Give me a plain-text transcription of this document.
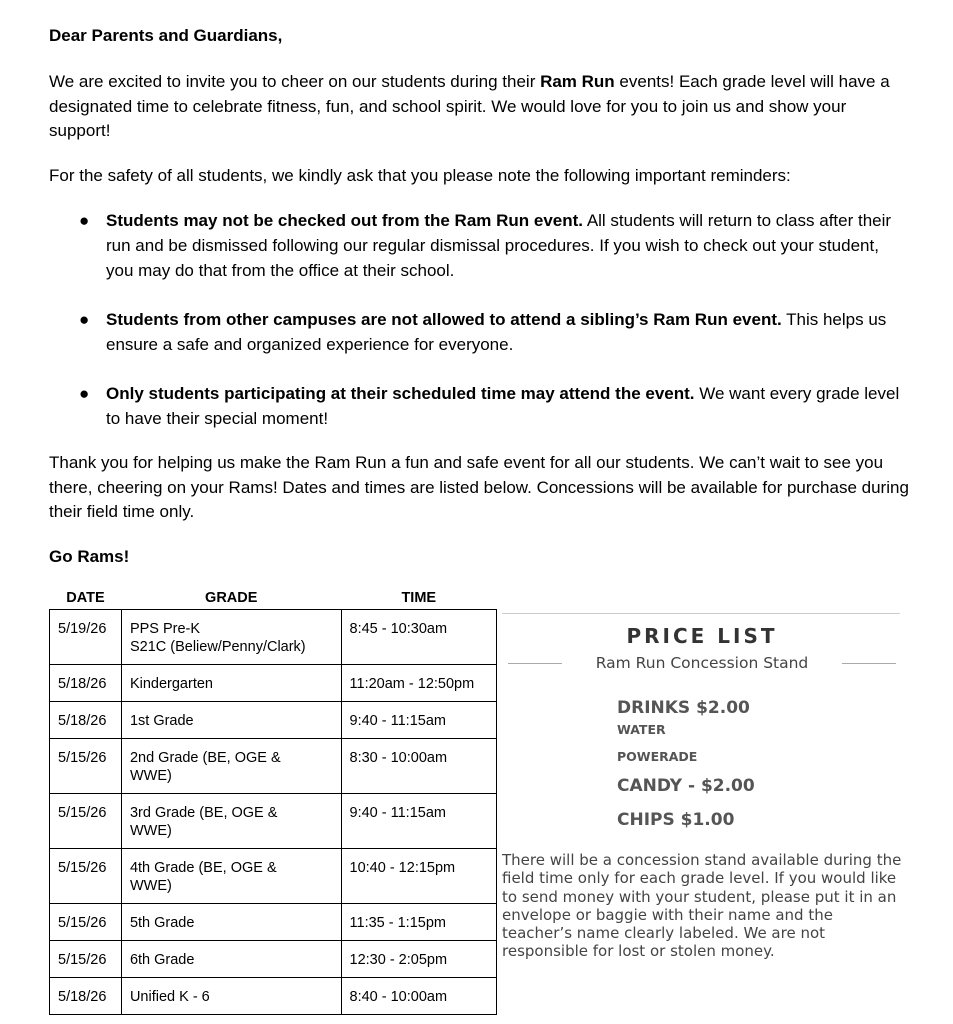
Dear Parents and Guardians,

We are excited to invite you to cheer on our students during their Ram Run events! Each grade level will have a designated time to celebrate fitness, fun, and school spirit. We would love for you to join us and show your support!

For the safety of all students, we kindly ask that you please note the following important reminders:

● Students may not be checked out from the Ram Run event. All students will return to class after their run and be dismissed following our regular dismissal procedures. If you wish to check out your student, you may do that from the office at their school.
● Students from other campuses are not allowed to attend a sibling’s Ram Run event. This helps us ensure a safe and organized experience for everyone.
● Only students participating at their scheduled time may attend the event. We want every grade level to have their special moment!

Thank you for helping us make the Ram Run a fun and safe event for all our students. We can’t wait to see you there, cheering on your Rams! Dates and times are listed below. Concessions will be available for purchase during their field time only.

Go Rams!

DATE	GRADE	TIME
5/19/26	PPS Pre-K
S21C (Beliew/Penny/Clark)	8:45 - 10:30am
5/18/26	Kindergarten	11:20am - 12:50pm
5/18/26	1st Grade	9:40 - 11:15am
5/15/26	2nd Grade (BE, OGE &
WWE)	8:30 - 10:00am
5/15/26	3rd Grade (BE, OGE &
WWE)	9:40 - 11:15am
5/15/26	4th Grade (BE, OGE &
WWE)	10:40 - 12:15pm
5/15/26	5th Grade	11:35 - 1:15pm
5/15/26	6th Grade	12:30 - 2:05pm
5/18/26	Unified K - 6	8:40 - 10:00am
PRICE LIST
Ram Run Concession Stand

DRINKS $2.00

WATER

POWERADE

CANDY - $2.00

CHIPS $1.00

There will be a concession stand available during the field time only for each grade level. If you would like to send money with your student, please put it in an envelope or baggie with their name and the teacher’s name clearly labeled. We are not responsible for lost or stolen money.
